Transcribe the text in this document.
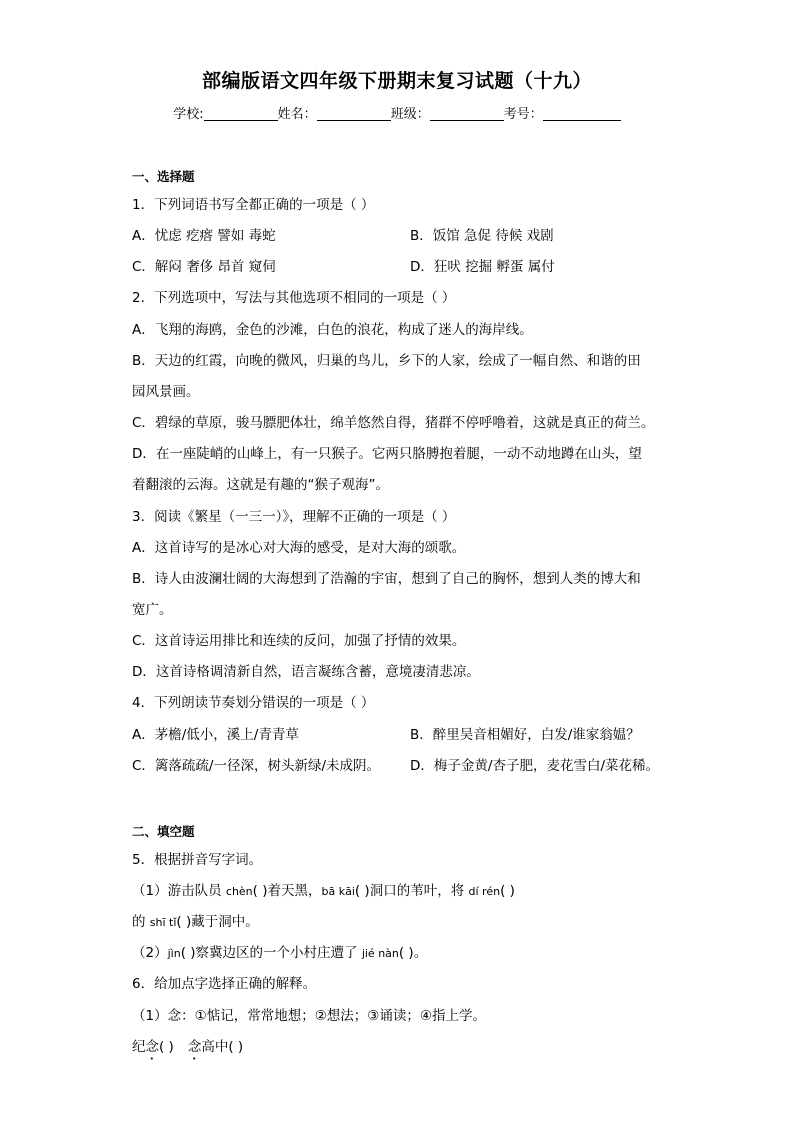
部编版语文四年级下册期末复习试题（十九）
学校:	姓名：	班级：	考号：
一、选择题
1．下列词语书写全都正确的一项是（ ）
A．忧虑 疙瘩 譬如 毒蛇	B．饭馆 急促 待候 戏剧
C．解闷 奢侈 昂首 窥伺	D．狂吠 挖掘 孵蛋 属付
2．下列选项中，写法与其他选项不相同的一项是（ ）
A．飞翔的海鸥，金色的沙滩，白色的浪花，构成了迷人的海岸线。
B．天边的红霞，向晚的微风，归巢的鸟儿，乡下的人家，绘成了一幅自然、和谐的田
园风景画。
C．碧绿的草原，骏马膘肥体壮，绵羊悠然自得，猪群不停呼噜着，这就是真正的荷兰。
D．在一座陡峭的山峰上，有一只猴子。它两只胳膊抱着腿，一动不动地蹲在山头，望
着翻滚的云海。这就是有趣的“猴子观海”。
3．阅读《繁星（一三一）》，理解不正确的一项是（ ）
A．这首诗写的是冰心对大海的感受，是对大海的颂歌。
B．诗人由波澜壮阔的大海想到了浩瀚的宇宙，想到了自己的胸怀，想到人类的博大和
宽广。
C．这首诗运用排比和连续的反问，加强了抒情的效果。
D．这首诗格调清新自然，语言凝练含蓄，意境凄清悲凉。
4．下列朗读节奏划分错误的一项是（ ）
A．茅檐/低小，溪上/青青草	B．醉里吴音相媚好，白发/谁家翁媪？
C．篱落疏疏/一径深，树头新绿/未成阴。 D．梅子金黄/杏子肥，麦花雪白/菜花稀。
二、填空题
5．根据拼音写字词。
（1）游击队员 chèn( )着天黑，bā kāi( )洞口的苇叶，将 dí rén( )
的 shī tǐ( )藏于洞中。
（2）jìn( )察冀边区的一个小村庄遭了 jié nàn( )。
6．给加点字选择正确的解释。
（1）念：①惦记，常常地想；②想法；③诵读；④指上学。
纪念( ) 念高中( )
